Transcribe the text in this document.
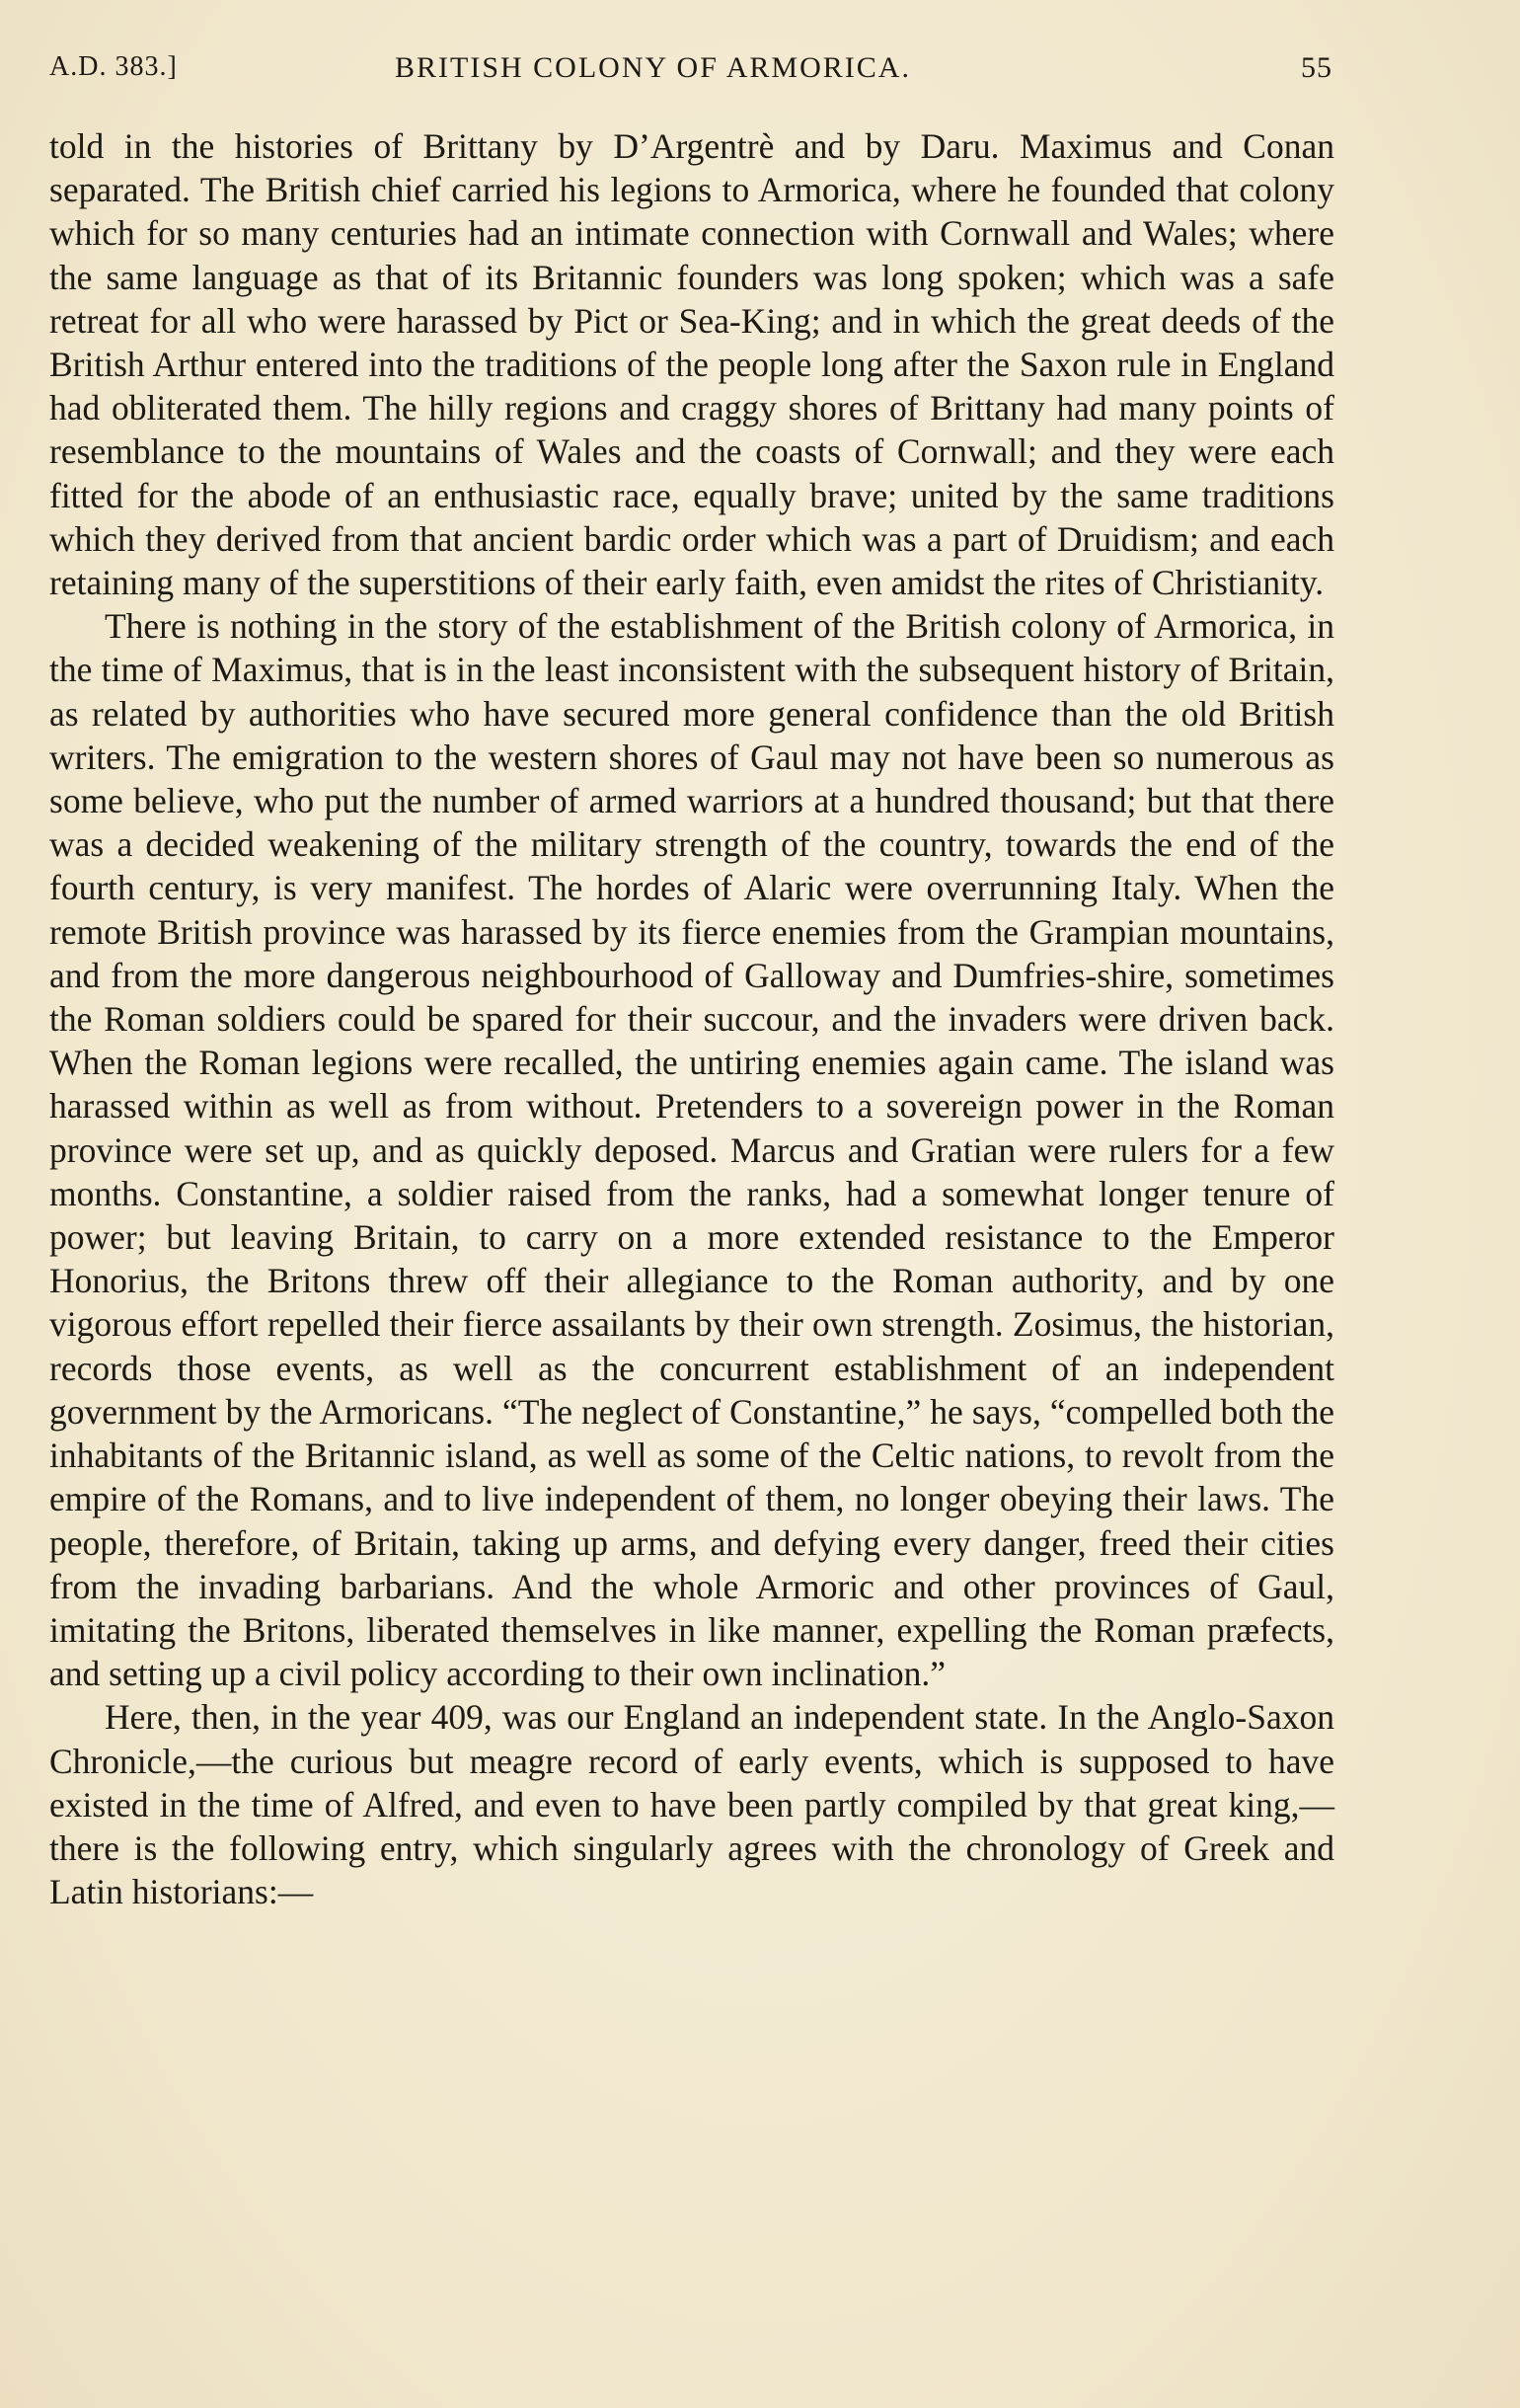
A.D. 383.]	BRITISH COLONY OF ARMORICA.	55

told in the histories of Brittany by D’Argentrè and by Daru. Maximus and Conan separated. The British chief carried his legions to Armorica, where he founded that colony which for so many centuries had an intimate connection with Cornwall and Wales; where the same language as that of its Britannic founders was long spoken; which was a safe retreat for all who were harassed by Pict or Sea-King; and in which the great deeds of the British Arthur entered into the traditions of the people long after the Saxon rule in England had obliterated them. The hilly regions and craggy shores of Brittany had many points of resemblance to the mountains of Wales and the coasts of Cornwall; and they were each fitted for the abode of an enthusiastic race, equally brave; united by the same traditions which they derived from that ancient bardic order which was a part of Druidism; and each retaining many of the superstitions of their early faith, even amidst the rites of Christianity.

There is nothing in the story of the establishment of the British colony of Armorica, in the time of Maximus, that is in the least inconsistent with the subsequent history of Britain, as related by authorities who have secured more general confidence than the old British writers. The emigration to the western shores of Gaul may not have been so numerous as some believe, who put the number of armed warriors at a hundred thousand; but that there was a decided weakening of the military strength of the country, towards the end of the fourth century, is very manifest. The hordes of Alaric were overrunning Italy. When the remote British province was harassed by its fierce enemies from the Grampian mountains, and from the more dangerous neighbourhood of Galloway and Dumfries-shire, sometimes the Roman soldiers could be spared for their succour, and the invaders were driven back. When the Roman legions were recalled, the untiring enemies again came. The island was harassed within as well as from without. Pretenders to a sovereign power in the Roman province were set up, and as quickly deposed. Marcus and Gratian were rulers for a few months. Constantine, a soldier raised from the ranks, had a somewhat longer tenure of power; but leaving Britain, to carry on a more extended resistance to the Emperor Honorius, the Britons threw off their allegiance to the Roman authority, and by one vigorous effort repelled their fierce assailants by their own strength. Zosimus, the historian, records those events, as well as the concurrent establishment of an independent government by the Armoricans. “The neglect of Constantine,” he says, “compelled both the inhabitants of the Britannic island, as well as some of the Celtic nations, to revolt from the empire of the Romans, and to live independent of them, no longer obeying their laws. The people, therefore, of Britain, taking up arms, and defying every danger, freed their cities from the invading barbarians. And the whole Armoric and other provinces of Gaul, imitating the Britons, liberated themselves in like manner, expelling the Roman præfects, and setting up a civil policy according to their own inclination.”

Here, then, in the year 409, was our England an independent state. In the Anglo-Saxon Chronicle,—the curious but meagre record of early events, which is supposed to have existed in the time of Alfred, and even to have been partly compiled by that great king,—there is the following entry, which singularly agrees with the chronology of Greek and Latin historians:—
